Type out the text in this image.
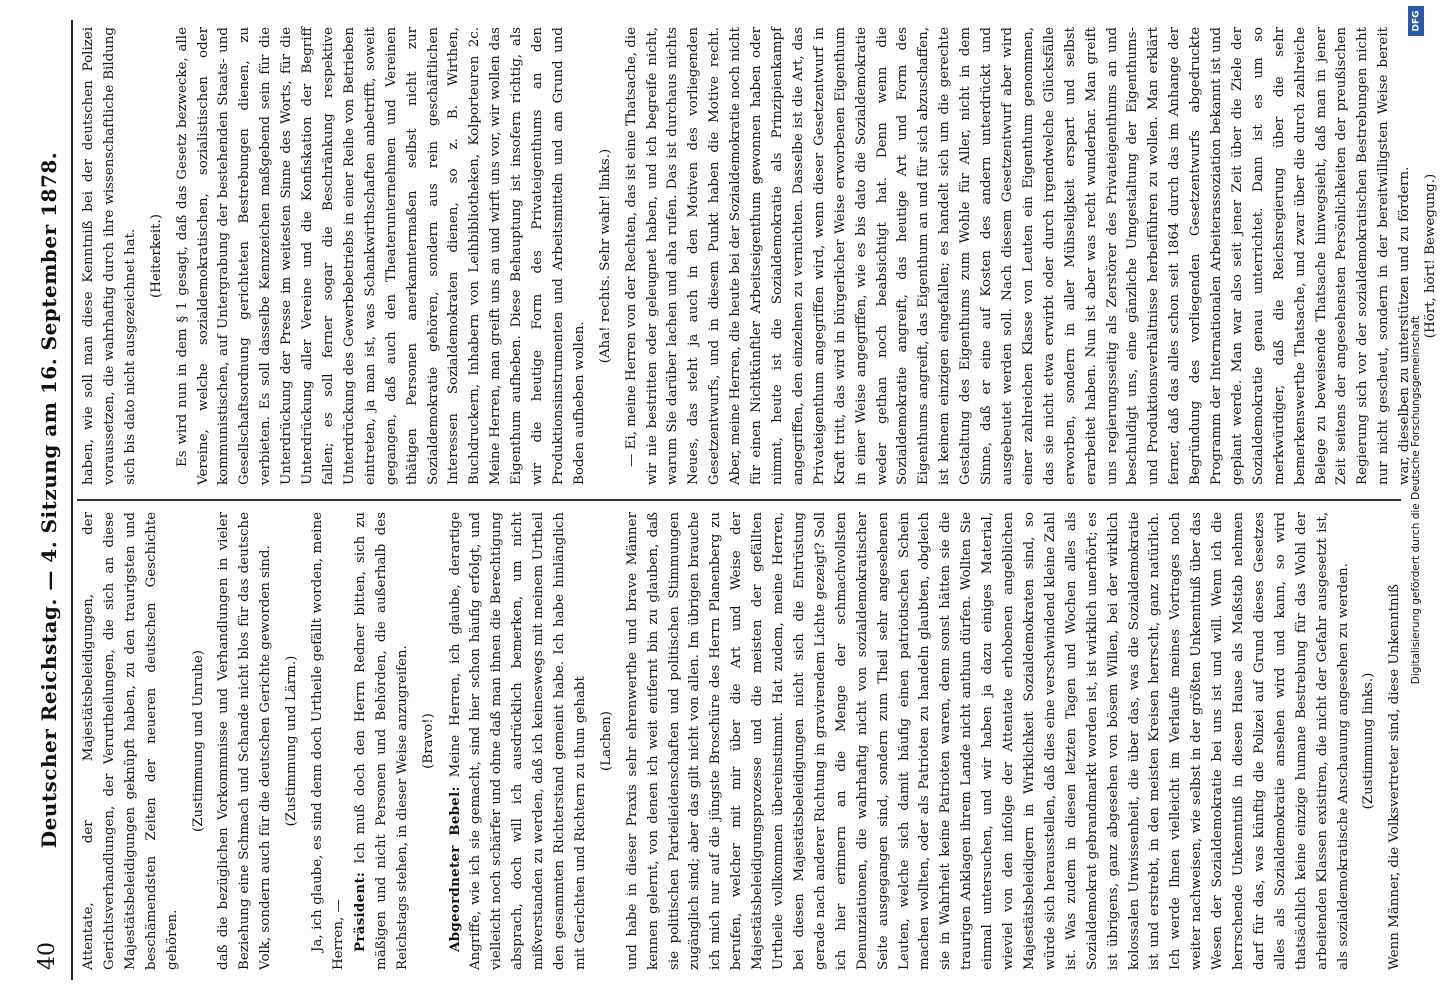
40
Deutscher Reichstag. — 4. Sitzung am 16. September 1878. Attentate, der Majestätsbeleidigungen, der Gerichtsverhandlungen, der Verurtheilungen, die sich an diese Majestätsbeleidigungen geknüpft haben, zu den traurigsten und beschämendsten Zeiten der neueren deutschen Geschichte gehören.

(Zustimmung und Unruhe) daß die bezüglichen Vorkommnisse und Verhandlungen in vieler Beziehung eine Schmach und Schande nicht blos für das deutsche Volk, sondern auch für die deutschen Gerichte geworden sind. (Zustimmung und Lärm.) Ja, ich glaube, es sind denn doch Urtheile gefällt worden, meine Herren, — Präsident: Ich muß doch den Herrn Redner bitten, sich zu mäßigen und nicht Personen und Behörden, die außerhalb des Reichstags stehen, in dieser Weise anzugreifen. (Bravo!)

Abgeordneter Bebel: Meine Herren, ich glaube, derartige Angriffe, wie ich sie gemacht, sind hier schon häufig erfolgt, und vielleicht noch schärfer und ohne daß man ihnen die Berechtigung absprach, doch will ich ausdrücklich bemerken, um nicht mißverstanden zu werden, daß ich keineswegs mit meinem Urtheil den gesammten Richterstand gemeint habe. Ich habe hinlänglich mit Gerichten und Richtern zu thun gehabt (Lachen) und habe in dieser Praxis sehr ehrenwerthe und brave Männer kennen gelernt, von denen ich weit entfernt bin zu glauben, daß sie politischen Parteileidenschaften und politischen Stimmungen zugänglich sind; aber das gilt nicht von allen. Im übrigen brauche ich mich nur auf die jüngste Broschüre des Herrn Planenberg zu berufen, welcher mit mir über die Art und Weise der Majestätsbeleidigungsprozesse und die meisten der gefällten Urtheile vollkommen übereinstimmt. Hat zudem, meine Herren, bei diesen Majestätsbeleidigungen nicht sich die Entrüstung gerade nach anderer Richtung in gravirendem Lichte gezeigt? Soll ich hier erinnern an die Menge der schmachvollsten Denunziationen, die wahrhaftig nicht von sozialdemokratischer Seite ausgegangen sind, sondern zum Theil sehr angesehenen Leuten, welche sich damit häufig einen patriotischen Schein machen wollten, oder als Patrioten zu handeln glaubten, obgleich sie in Wahrheit keine Patrioten waren, denn sonst hätten sie die traurigen Anklagen ihrem Lande nicht anthun dürfen. Wollten Sie einmal untersuchen, und wir haben ja dazu einiges Material, wieviel von den infolge der Attentate erhobenen angeblichen Majestätsbeleidigern in Wirklichkeit Sozialdemokraten sind, so würde sich herausstellen, daß dies eine verschwindend kleine Zahl ist. Was zudem in diesen letzten Tagen und Wochen alles als Sozialdemokrat gebrandmarkt worden ist, ist wirklich unerhört; es ist übrigens, ganz abgesehen von bösem Willen, bei der wirklich kolossalen Unwissenheit, die über das, was die Sozialdemokratie ist und erstrebt, in den meisten Kreisen herrscht, ganz natürlich. Ich werde Ihnen vielleicht im Verlaufe meines Vortrages noch weiter nachweisen, wie selbst in der größten Unkenntniß über das Wesen der Sozialdemokratie bei uns ist und will. Wenn ich die herrschende Unkenntniß in diesen Hause als Maßstab nehmen darf für das, was künftig die Polizei auf Grund dieses Gesetzes alles als Sozialdemokratie ansehen wird und kann, so wird thatsächlich keine einzige humane Bestrebung für das Wohl der arbeitenden Klassen existiren, die nicht der Gefahr ausgesetzt ist, als sozialdemokratische Anschauung angesehen zu werden. (Zustimmung links.) Wenn Männer, die Volksvertreter sind, diese Unkenntniß

haben, wie soll man diese Kenntniß bei der deutschen Polizei voraussetzen, die wahrhaftig durch ihre wissenschaftliche Bildung sich bis dato nicht ausgezeichnet hat. (Heiterkeit.) Es wird nun in dem § 1 gesagt, daß das Gesetz bezwecke, alle Vereine, welche sozialdemokratischen, sozialistischen oder kommunistischen, auf Untergrabung der bestehenden Staats- und Gesellschaftsordnung gerichteten Bestrebungen dienen, zu verbieten. Es soll dasselbe Kennzeichen maßgebend sein für die Unterdrückung der Presse im weitesten Sinne des Worts, für die Unterdrückung aller Vereine und die Konfiskation der Begriff fallen; es soll ferner sogar die Beschränkung respektive Unterdrückung des Gewerbebetriebs in einer Reihe von Betrieben eintreten, ja man ist, was Schankwirthschaften anbetrifft, soweit gegangen, daß auch den Theaterunternehmen und Vereinen thätigen Personen anerkanntermaßen selbst nicht zur Sozialdemokratie gehören, sondern aus rein geschäftlichen Interessen Sozialdemokraten dienen, so z. B. Wirthen, Buchdruckern, Inhabern von Leihbibliotheken, Kolporteuren 2c. Meine Herren, man greift uns an und wirft uns vor, wir wollen das Eigenthum aufheben. Diese Behauptung ist insofern richtig, als wir die heutige Form des Privateigenthums an den Produktionsinstrumenten und Arbeitsmitteln und am Grund und Boden aufheben wollen.

(Aha! rechts. Sehr wahr! links.) — Ei, meine Herren von der Rechten, das ist eine Thatsache, die wir nie bestritten oder geleugnet haben, und ich begreife nicht, warum Sie darüber lachen und aha rufen. Das ist durchaus nichts Neues, das steht ja auch in den Motiven des vorliegenden Gesetzentwurfs, und in diesem Punkt haben die Motive recht. Aber, meine Herren, die heute bei der Sozialdemokratie noch nicht für einen Nichtkünftler Arbeitseigenthum gewonnen haben oder nimmt, heute ist die Sozialdemokratie als Prinzipienkampf angegriffen, den einzelnen zu vernichten. Dasselbe ist die Art, das Privateigenthum angegriffen wird, wenn dieser Gesetzentwurf in Kraft tritt, das wird in bürgerlicher Weise erworbenen Eigenthum in einer Weise angegriffen, wie es bis dato die Sozialdemokratie weder gethan noch beabsichtigt hat. Denn wenn die Sozialdemokratie angreift, das heutige Art und Form des Eigenthums angreift, das Eigenthum an und für sich abzuschaffen, ist keinem einzigen eingefallen; es handelt sich um die gerechte Gestaltung des Eigenthums zum Wohle für Aller, nicht in dem Sinne, daß er eine auf Kosten des andern unterdrückt und ausgebeutet werden soll. Nach diesem Gesetzentwurf aber wird einer zahlreichen Klasse von Leuten ein Eigenthum genommen, das sie nicht etwa erwirbt oder durch irgendwelche Glücksfälle erworben, sondern in aller Mühseligkeit erspart und selbst erarbeitet haben. Nun ist aber was recht wunderbar. Man greift uns regierungsseitig als Zerstörer des Privateigenthums an und beschuldigt uns, eine gänzliche Umgestaltung der Eigenthums- und Produktionsverhältnisse herbeiführen zu wollen. Man erklärt ferner, daß das alles schon seit 1864 durch das im Anhange der Begründung des vorliegenden Gesetzentwurfs abgedruckte Programm der Internationalen Arbeiterassoziation bekannt ist und geplant werde. Man war also seit jener Zeit über die Ziele der Sozialdemokratie genau unterrichtet. Dann ist es um so merkwürdiger, daß die Reichsregierung über die sehr bemerkenswerthe Thatsache, und zwar über die durch zahlreiche Belege zu beweisende Thatsache hinwegsieht, daß man in jener Zeit seitens der angesehensten Persönlichkeiten der preußischen Regierung sich vor der sozialdemokratischen Bestrebungen nicht nur nicht gescheut, sondern in der bereitwilligsten Weise bereit war, dieselben zu unterstützen und zu fördern. (Hört, hört! Bewegung.)

DFG
Digitalisierung gefördert durch die Deutsche Forschungsgemeinschaft
